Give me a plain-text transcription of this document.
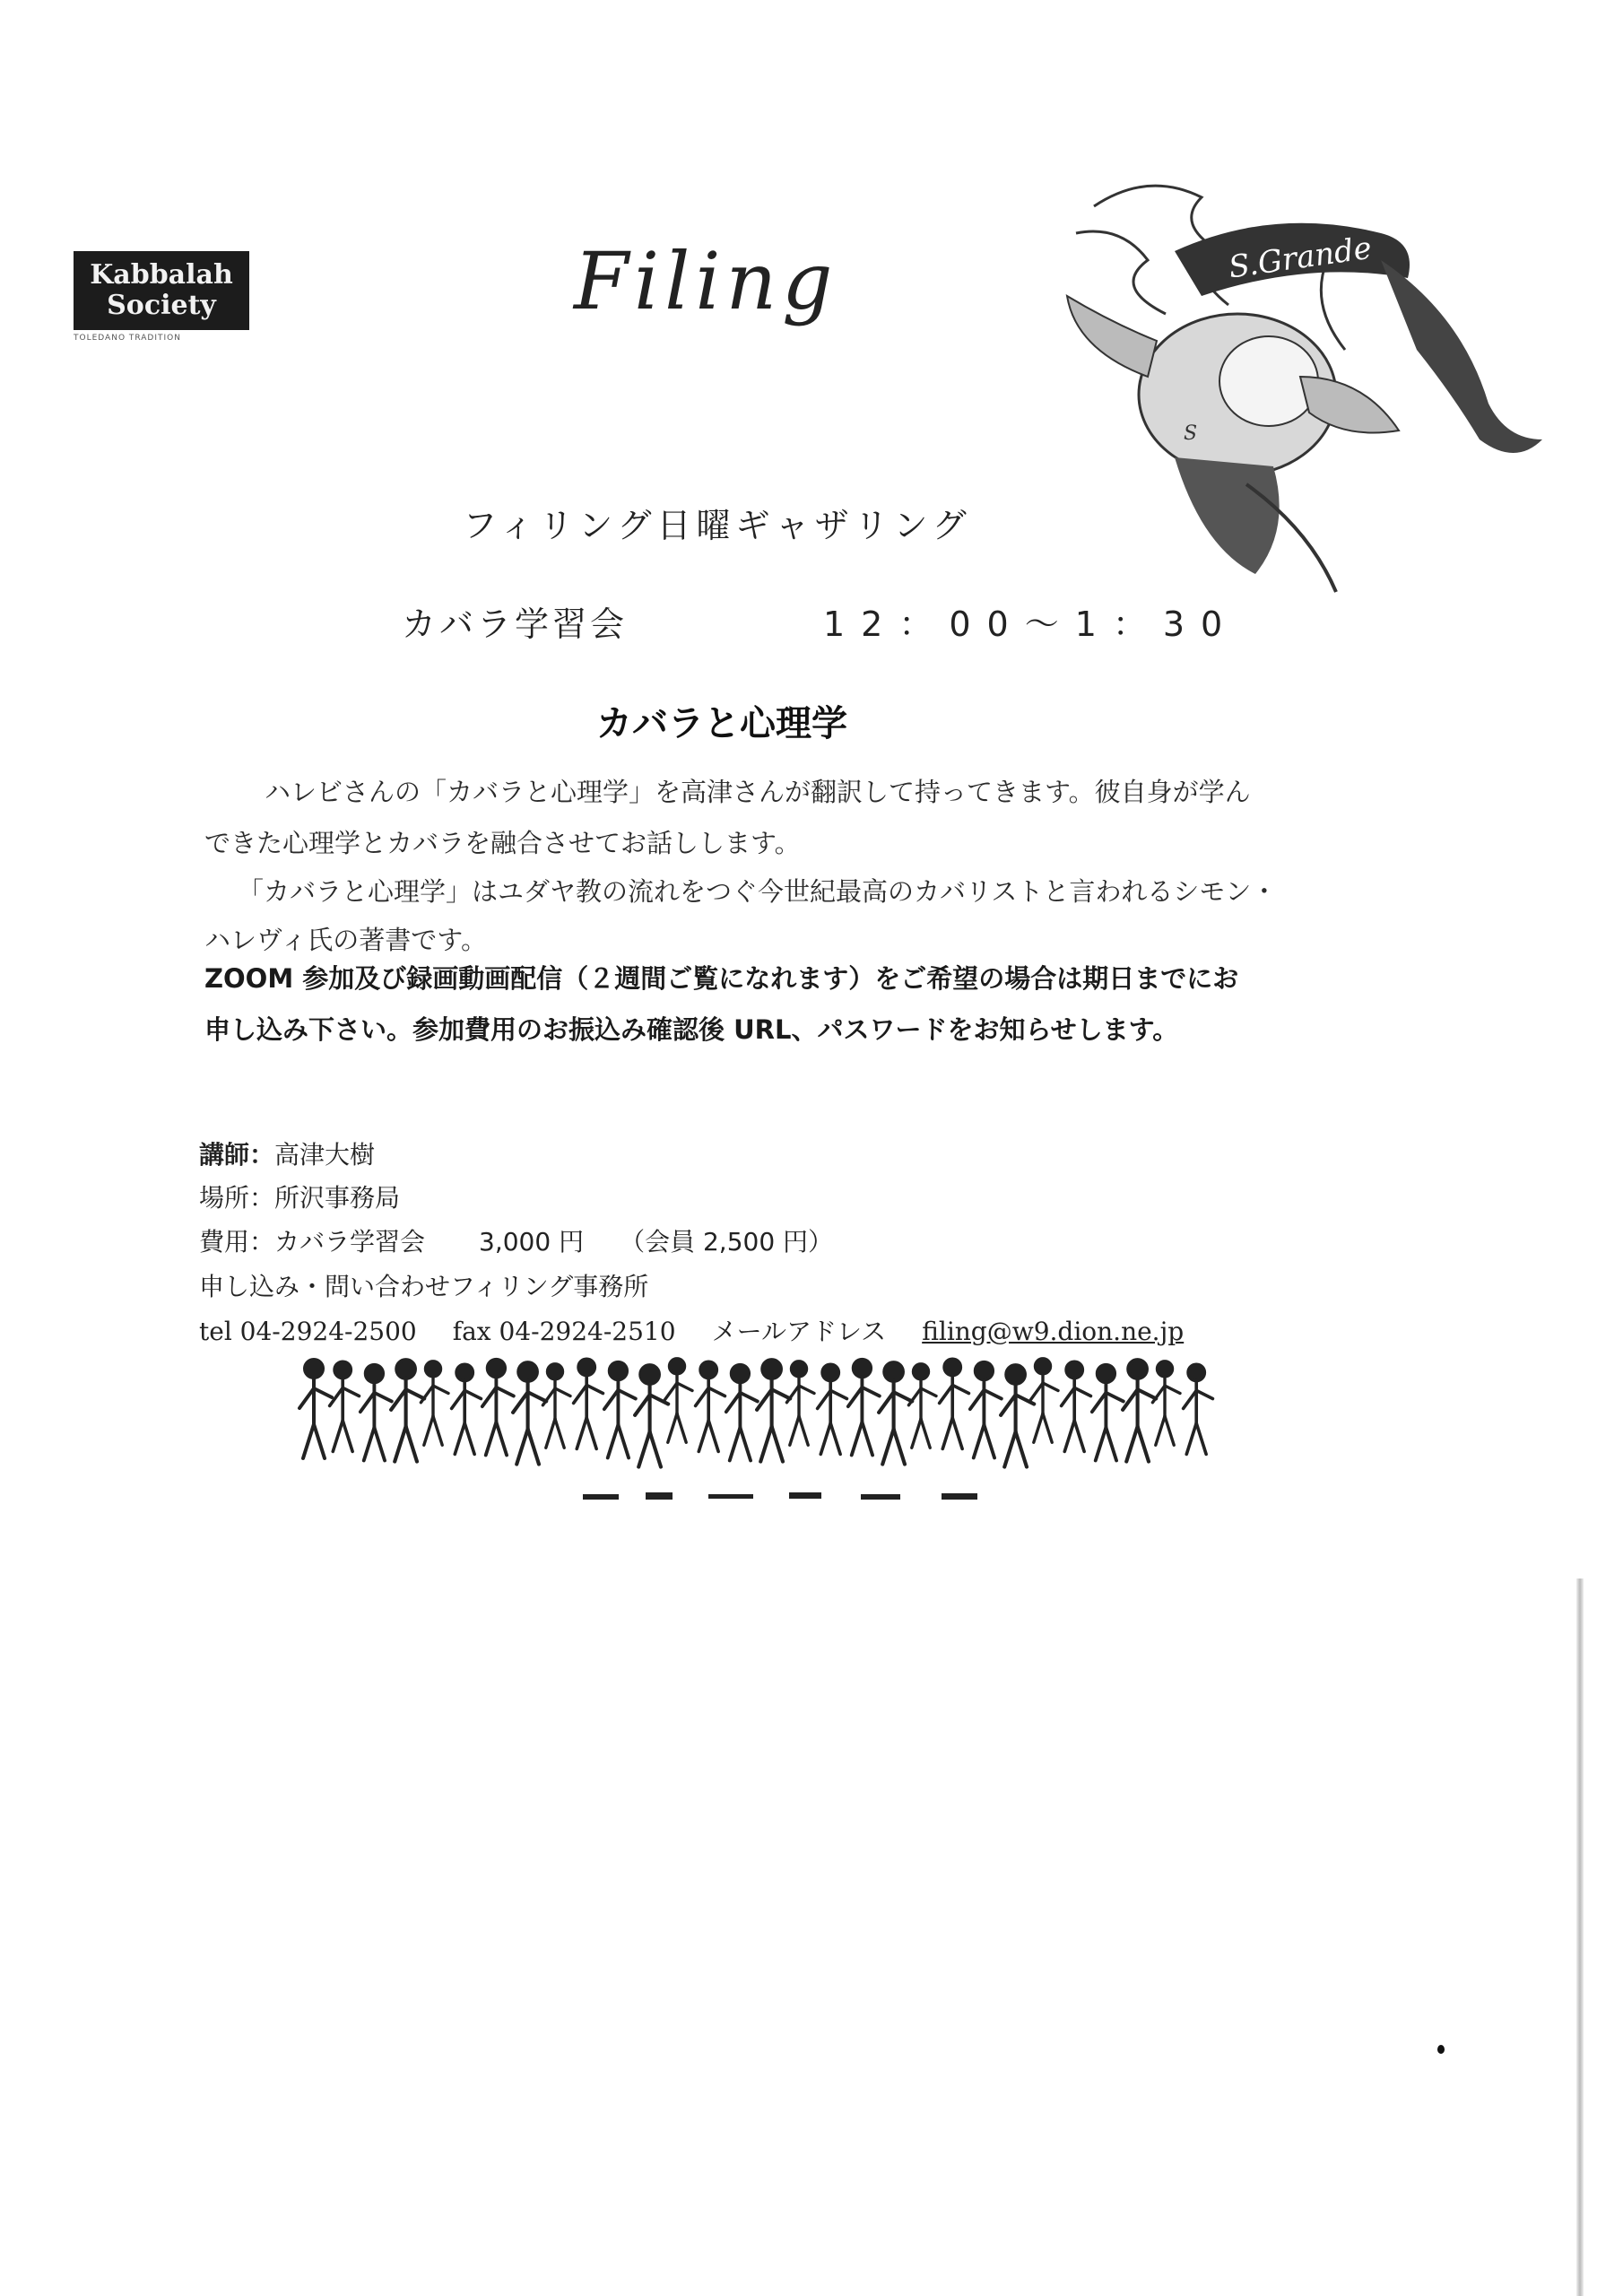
Kabbalah
Society
TOLEDANO TRADITION
Filing	S.Grande
S
フィリング日曜ギャザリング
カバラ学習会	12：00～1：30
カバラと心理学
ハレビさんの「カバラと心理学」を高津さんが翻訳して持ってきます。彼自身が学ん
できた心理学とカバラを融合させてお話しします。
「カバラと心理学」はユダヤ教の流れをつぐ今世紀最高のカバリストと言われるシモン・
ハレヴィ氏の著書です。
ZOOM 参加及び録画動画配信（２週間ご覧になれます）をご希望の場合は期日までにお
申し込み下さい。参加費用のお振込み確認後 URL、パスワードをお知らせします。
講師：高津大樹
場所：所沢事務局
費用：カバラ学習会 3,000 円 （会員 2,500 円）
申し込み・問い合わせフィリング事務所
tel 04-2924-2500 fax 04-2924-2510 メールアドレス filing@w9.dion.ne.jp
